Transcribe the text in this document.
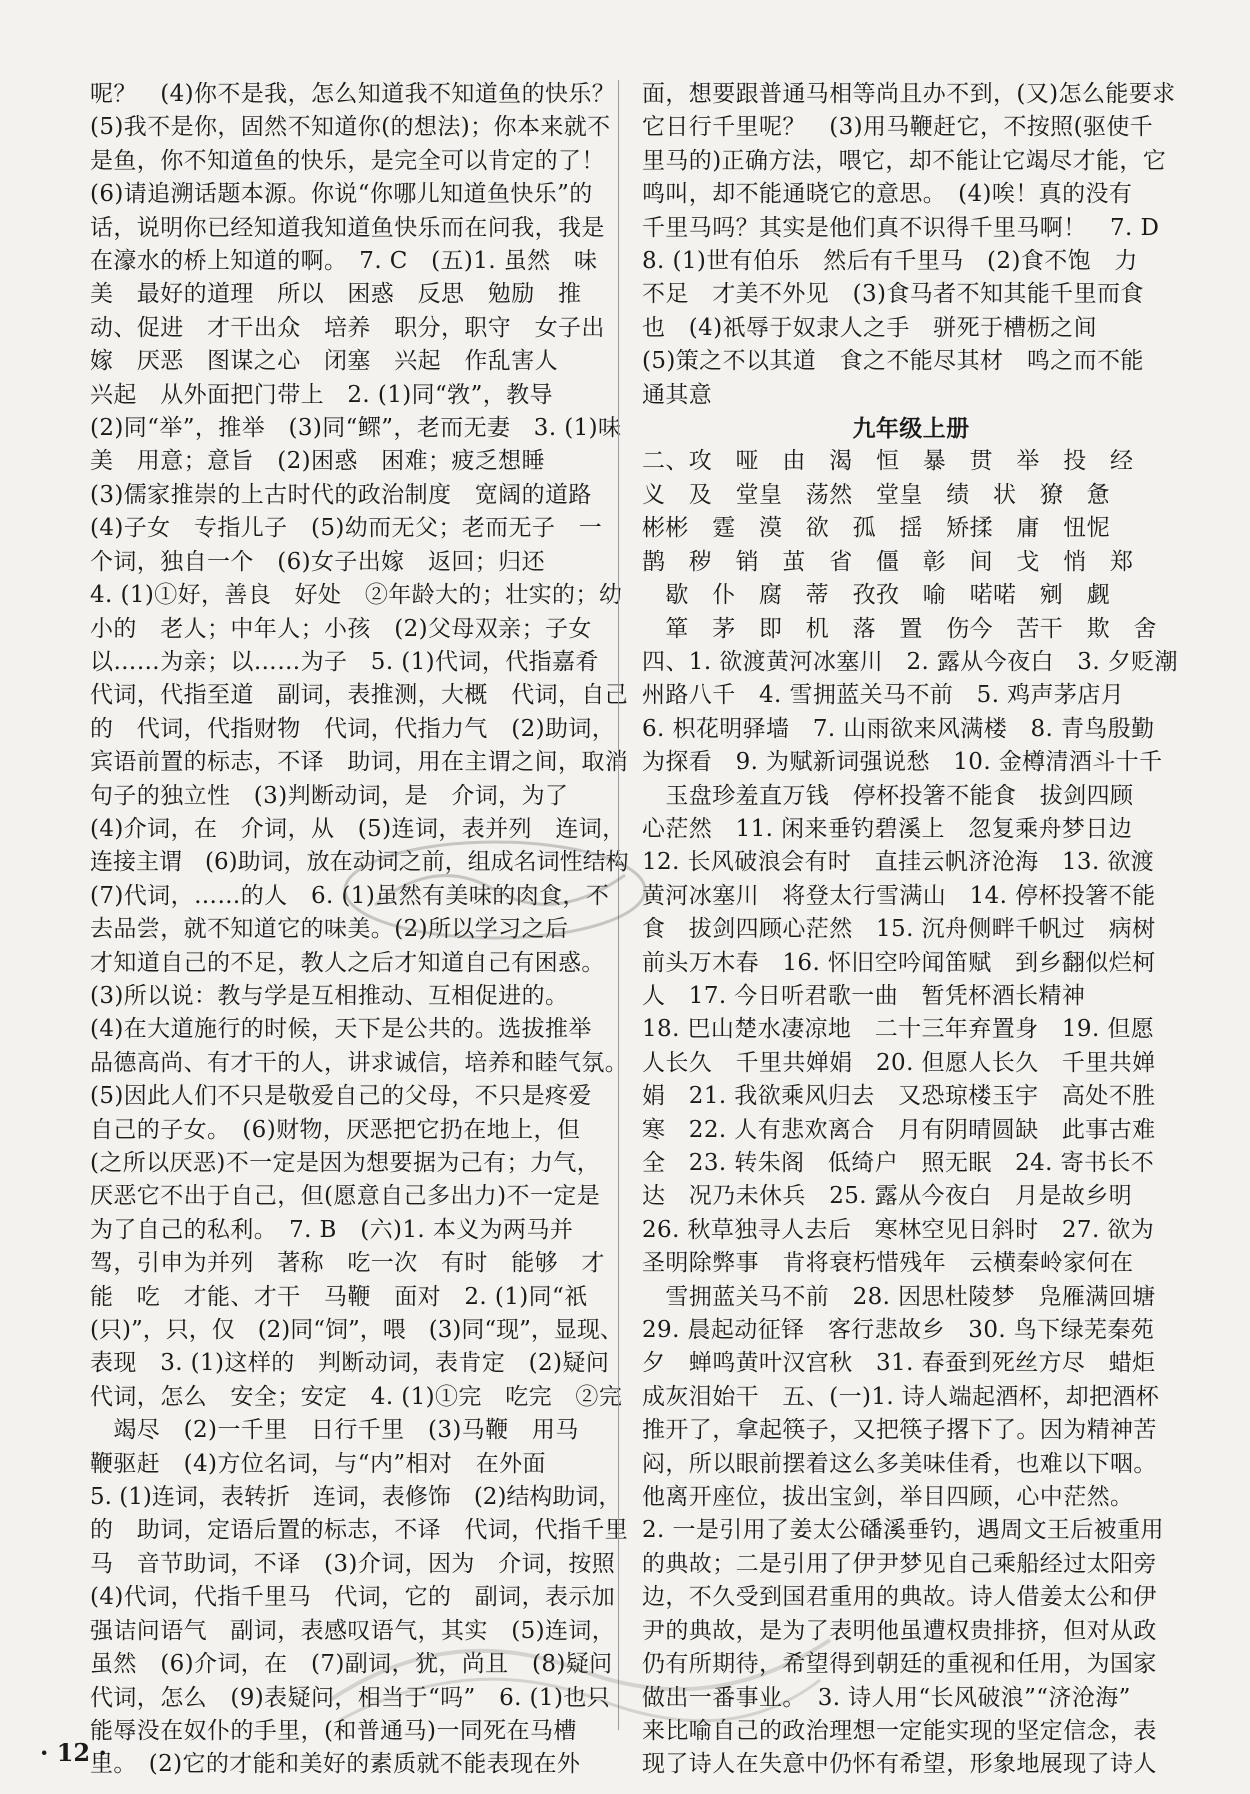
呢？　(4)你不是我，怎么知道我不知道鱼的快乐？

(5)我不是你，固然不知道你(的想法)；你本来就不

是鱼，你不知道鱼的快乐，是完全可以肯定的了！

(6)请追溯话题本源。你说“你哪儿知道鱼快乐”的

话，说明你已经知道我知道鱼快乐而在问我，我是

在濠水的桥上知道的啊。　7. C　(五)1. 虽然　味

美　最好的道理　所以　困惑　反思　勉励　推

动、促进　才干出众　培养　职分，职守　女子出

嫁　厌恶　图谋之心　闭塞　兴起　作乱害人

兴起　从外面把门带上　2. (1)同“敩”，教导

(2)同“举”，推举　(3)同“鳏”，老而无妻　3. (1)味

美　用意；意旨　(2)困惑　困难；疲乏想睡

(3)儒家推崇的上古时代的政治制度　宽阔的道路

(4)子女　专指儿子　(5)幼而无父；老而无子　一

个词，独自一个　(6)女子出嫁　返回；归还

4. (1)①好，善良　好处　②年龄大的；壮实的；幼

小的　老人；中年人；小孩　(2)父母双亲；子女

以……为亲；以……为子　5. (1)代词，代指嘉肴

代词，代指至道　副词，表推测，大概　代词，自己

的　代词，代指财物　代词，代指力气　(2)助词，

宾语前置的标志，不译　助词，用在主谓之间，取消

句子的独立性　(3)判断动词，是　介词，为了

(4)介词，在　介词，从　(5)连词，表并列　连词，

连接主谓　(6)助词，放在动词之前，组成名词性结构

(7)代词，……的人　6. (1)虽然有美味的肉食，不

去品尝，就不知道它的味美。(2)所以学习之后

才知道自己的不足，教人之后才知道自己有困惑。

(3)所以说：教与学是互相推动、互相促进的。

(4)在大道施行的时候，天下是公共的。选拔推举

品德高尚、有才干的人，讲求诚信，培养和睦气氛。

(5)因此人们不只是敬爱自己的父母，不只是疼爱

自己的子女。　(6)财物，厌恶把它扔在地上，但

(之所以厌恶)不一定是因为想要据为己有；力气，

厌恶它不出于自己，但(愿意自己多出力)不一定是

为了自己的私利。　7. B　(六)1. 本义为两马并

驾，引申为并列　著称　吃一次　有时　能够　才

能　吃　才能、才干　马鞭　面对　2. (1)同“祇

(只)”，只，仅　(2)同“饲”，喂　(3)同“现”，显现、

表现　3. (1)这样的　判断动词，表肯定　(2)疑问

代词，怎么　安全；安定　4. (1)①完　吃完　②完

　竭尽　(2)一千里　日行千里　(3)马鞭　用马

鞭驱赶　(4)方位名词，与“内”相对　在外面

5. (1)连词，表转折　连词，表修饰　(2)结构助词，

的　助词，定语后置的标志，不译　代词，代指千里

马　音节助词，不译　(3)介词，因为　介词，按照

(4)代词，代指千里马　代词，它的　副词，表示加

强诘问语气　副词，表感叹语气，其实　(5)连词，

虽然　(6)介词，在　(7)副词，犹，尚且　(8)疑问

代词，怎么　(9)表疑问，相当于“吗”　6. (1)也只

能辱没在奴仆的手里，(和普通马)一同死在马槽

里。　(2)它的才能和美好的素质就不能表现在外

面，想要跟普通马相等尚且办不到，(又)怎么能要求

它日行千里呢？　(3)用马鞭赶它，不按照(驱使千

里马的)正确方法，喂它，却不能让它竭尽才能，它

鸣叫，却不能通晓它的意思。　(4)唉！真的没有

千里马吗？其实是他们真不识得千里马啊！　7. D

8. (1)世有伯乐　然后有千里马　(2)食不饱　力

不足　才美不外见　(3)食马者不知其能千里而食

也　(4)祇辱于奴隶人之手　骈死于槽枥之间

(5)策之不以其道　食之不能尽其材　鸣之而不能

通其意

九年级上册

二、攻　哑　由　渴　恒　暴　贯　举　投　经

义　及　堂皇　荡然　堂皇　绩　状　獠　惫

彬彬　霆　漠　欲　孤　揺　矫揉　庸　忸怩

鹊　秽　销　茧　省　僵　彰　间　戈　悄　郑

　歇　仆　腐　蒂　孜孜　喻　喏喏　剜　觑

　箪　茅　即　机　落　置　伤今　苦干　欺　舍

四、1. 欲渡黄河冰塞川　2. 露从今夜白　3. 夕贬潮

州路八千　4. 雪拥蓝关马不前　5. 鸡声茅店月

6. 枳花明驿墙　7. 山雨欲来风满楼　8. 青鸟殷勤

为探看　9. 为赋新词强说愁　10. 金樽清酒斗十千

　玉盘珍羞直万钱　停杯投箸不能食　拔剑四顾

心茫然　11. 闲来垂钓碧溪上　忽复乘舟梦日边

12. 长风破浪会有时　直挂云帆济沧海　13. 欲渡

黄河冰塞川　将登太行雪满山　14. 停杯投箸不能

食　拔剑四顾心茫然　15. 沉舟侧畔千帆过　病树

前头万木春　16. 怀旧空吟闻笛赋　到乡翻似烂柯

人　17. 今日听君歌一曲　暂凭杯酒长精神

18. 巴山楚水凄凉地　二十三年弃置身　19. 但愿

人长久　千里共婵娟　20. 但愿人长久　千里共婵

娟　21. 我欲乘风归去　又恐琼楼玉宇　高处不胜

寒　22. 人有悲欢离合　月有阴晴圆缺　此事古难

全　23. 转朱阁　低绮户　照无眠　24. 寄书长不

达　况乃未休兵　25. 露从今夜白　月是故乡明

26. 秋草独寻人去后　寒林空见日斜时　27. 欲为

圣明除弊事　肯将衰朽惜残年　云横秦岭家何在

　雪拥蓝关马不前　28. 因思杜陵梦　凫雁满回塘

29. 晨起动征铎　客行悲故乡　30. 鸟下绿芜秦苑

夕　蝉鸣黄叶汉宫秋　31. 春蚕到死丝方尽　蜡炬

成灰泪始干　五、(一)1. 诗人端起酒杯，却把酒杯

推开了，拿起筷子，又把筷子撂下了。因为精神苦

闷，所以眼前摆着这么多美味佳肴，也难以下咽。

他离开座位，拔出宝剑，举目四顾，心中茫然。

2. 一是引用了姜太公磻溪垂钓，遇周文王后被重用

的典故；二是引用了伊尹梦见自己乘船经过太阳旁

边，不久受到国君重用的典故。诗人借姜太公和伊

尹的典故，是为了表明他虽遭权贵排挤，但对从政

仍有所期待，希望得到朝廷的重视和任用，为国家

做出一番事业。　3. 诗人用“长风破浪”“济沧海”

来比喻自己的政治理想一定能实现的坚定信念，表

现了诗人在失意中仍怀有希望，形象地展现了诗人

· 12 ·
